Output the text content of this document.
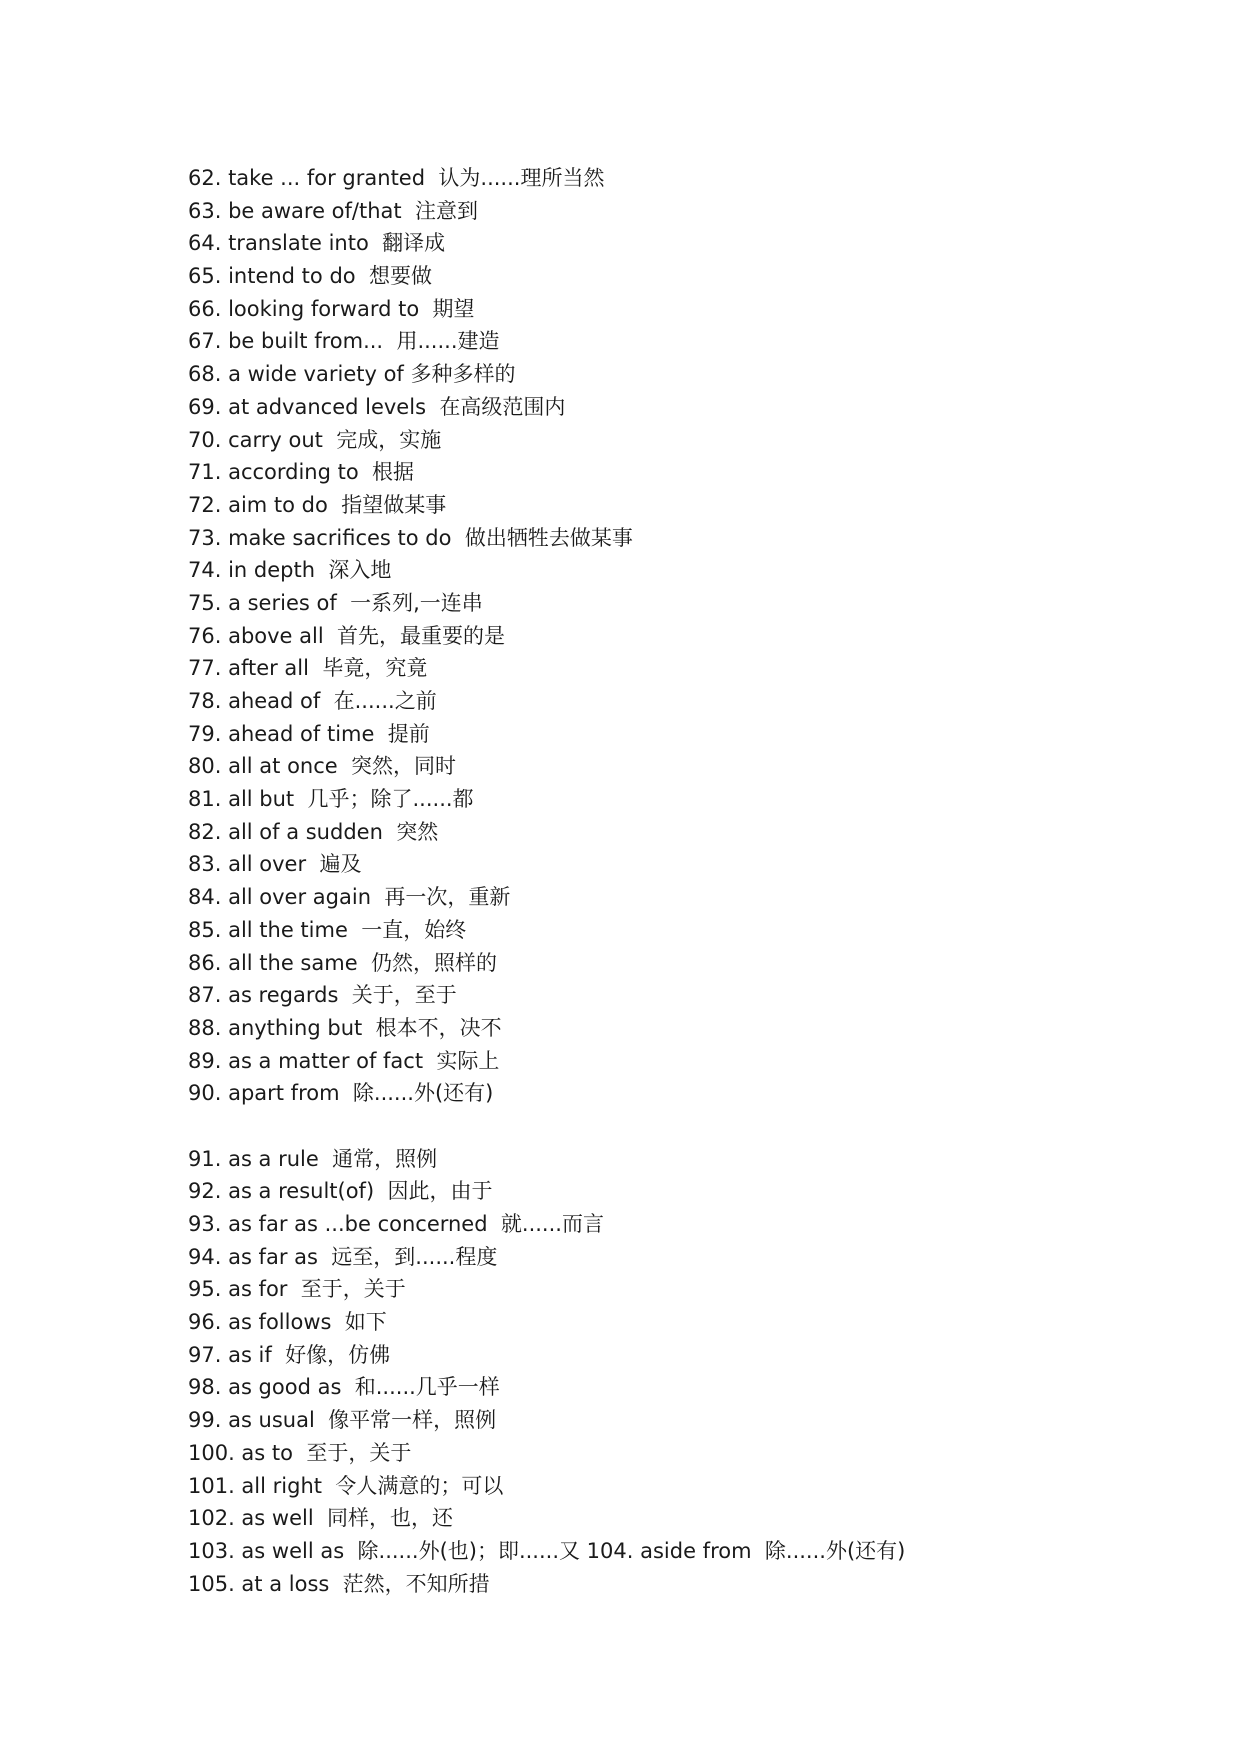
62. take ... for granted  认为......理所当然
63. be aware of/that  注意到
64. translate into  翻译成
65. intend to do  想要做
66. looking forward to  期望
67. be built from...  用......建造
68. a wide variety of 多种多样的
69. at advanced levels  在高级范围内
70. carry out  完成，实施
71. according to  根据
72. aim to do  指望做某事
73. make sacrifices to do  做出牺牲去做某事
74. in depth  深入地
75. a series of  一系列,一连串
76. above all  首先，最重要的是
77. after all  毕竟，究竟
78. ahead of  在......之前
79. ahead of time  提前
80. all at once  突然，同时
81. all but  几乎；除了......都
82. all of a sudden  突然
83. all over  遍及
84. all over again  再一次，重新
85. all the time  一直，始终
86. all the same  仍然，照样的
87. as regards  关于，至于
88. anything but  根本不，决不
89. as a matter of fact  实际上
90. apart from  除......外(还有)
91. as a rule  通常，照例
92. as a result(of)  因此，由于
93. as far as ...be concerned  就......而言
94. as far as  远至，到......程度
95. as for  至于，关于
96. as follows  如下
97. as if  好像，仿佛
98. as good as  和......几乎一样
99. as usual  像平常一样，照例
100. as to  至于，关于
101. all right  令人满意的；可以
102. as well  同样，也，还
103. as well as  除......外(也)；即......又 104. aside from  除......外(还有)
105. at a loss  茫然，不知所措
